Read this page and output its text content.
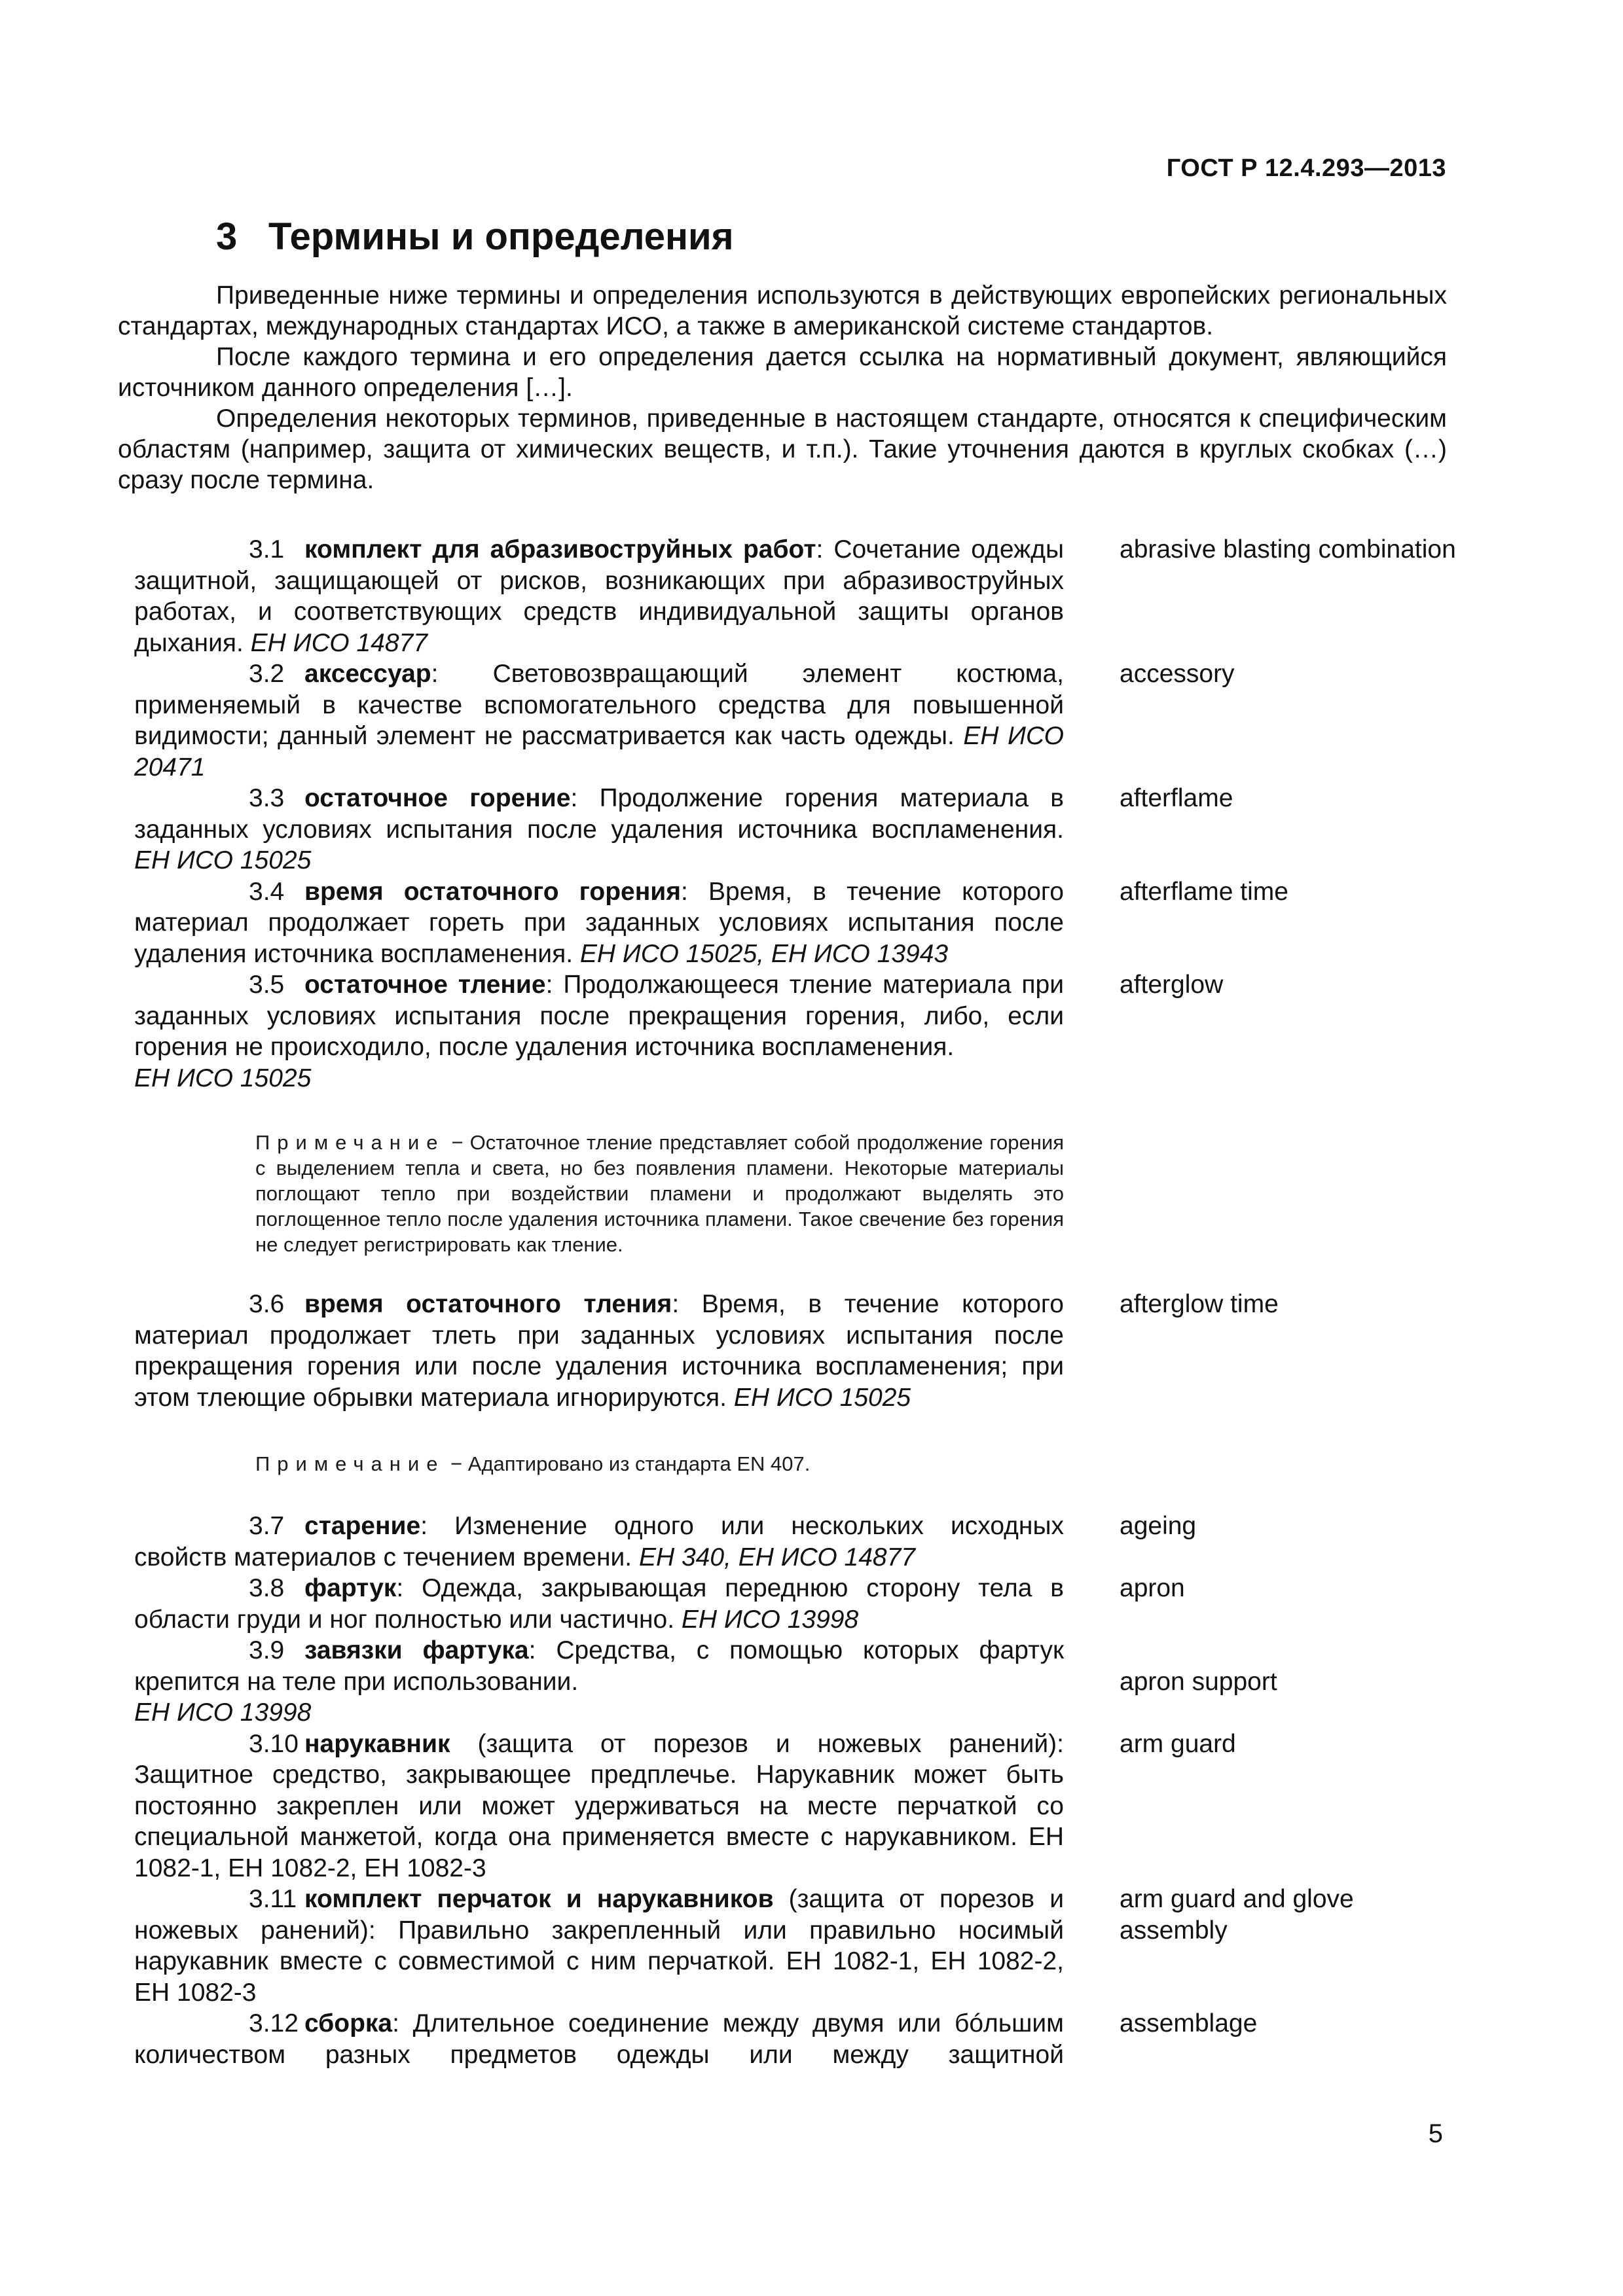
ГОСТ Р 12.4.293—2013
3 Термины и определения

Приведенные ниже термины и определения используются в действующих европейских региональных стандартах, международных стандартах ИСО, а также в американской системе стандартов.

После каждого термина и его определения дается ссылка на нормативный документ, являющийся источником данного определения […].

Определения некоторых терминов, приведенные в настоящем стандарте, относятся к специфическим областям (например, защита от химических веществ, и т.п.). Такие уточнения даются в круглых скобках (…) сразу после термина.

3.1 комплект для абразивоструйных работ: Сочетание одежды защитной, защищающей от рисков, возникающих при абразивоструйных работах, и соответствующих средств индивидуальной защиты органов дыхания. ЕН ИСО 14877
abrasive blasting combination
3.2 аксессуар: Световозвращающий элемент костюма, применяемый в качестве вспомогательного средства для повышенной видимости; данный элемент не рассматривается как часть одежды. ЕН ИСО 20471
accessory
3.3 остаточное горение: Продолжение горения материала в заданных условиях испытания после удаления источника воспламенения. ЕН ИСО 15025
afterflame
3.4 время остаточного горения: Время, в течение которого материал продолжает гореть при заданных условиях испытания после удаления источника воспламенения. ЕН ИСО 15025, ЕН ИСО 13943
afterflame time
3.5 остаточное тление: Продолжающееся тление материала при заданных условиях испытания после прекращения горения, либо, если горения не происходило, после удаления источника воспламенения.
ЕН ИСО 15025
afterglow
Примечание − Остаточное тление представляет собой продолжение горения с выделением тепла и света, но без появления пламени. Некоторые материалы поглощают тепло при воздействии пламени и продолжают выделять это поглощенное тепло после удаления источника пламени. Такое свечение без горения не следует регистрировать как тление.
3.6 время остаточного тления: Время, в течение которого материал продолжает тлеть при заданных условиях испытания после прекращения горения или после удаления источника воспламенения; при этом тлеющие обрывки материала игнорируются. ЕН ИСО 15025
afterglow time
Примечание − Адаптировано из стандарта EN 407.
3.7 старение: Изменение одного или нескольких исходных свойств материалов с течением времени. ЕН 340, ЕН ИСО 14877
ageing
3.8 фартук: Одежда, закрывающая переднюю сторону тела в области груди и ног полностью или частично. ЕН ИСО 13998
apron
3.9 завязки фартука: Средства, с помощью которых фартук крепится на теле при использовании.
ЕН ИСО 13998
apron support
3.10 нарукавник (защита от порезов и ножевых ранений): Защитное средство, закрывающее предплечье. Нарукавник может быть постоянно закреплен или может удерживаться на месте перчаткой со специальной манжетой, когда она применяется вместе с нарукавником. ЕН 1082-1, ЕН 1082-2, ЕН 1082-3
arm guard
3.11 комплект перчаток и нарукавников (защита от порезов и ножевых ранений): Правильно закрепленный или правильно носимый нарукавник вместе с совместимой с ним перчаткой. ЕН 1082-1, ЕН 1082-2, ЕН 1082-3
arm guard and glove assembly
3.12 сборка: Длительное соединение между двумя или бóльшим количеством разных предметов одежды или между защитной
assemblage
5
